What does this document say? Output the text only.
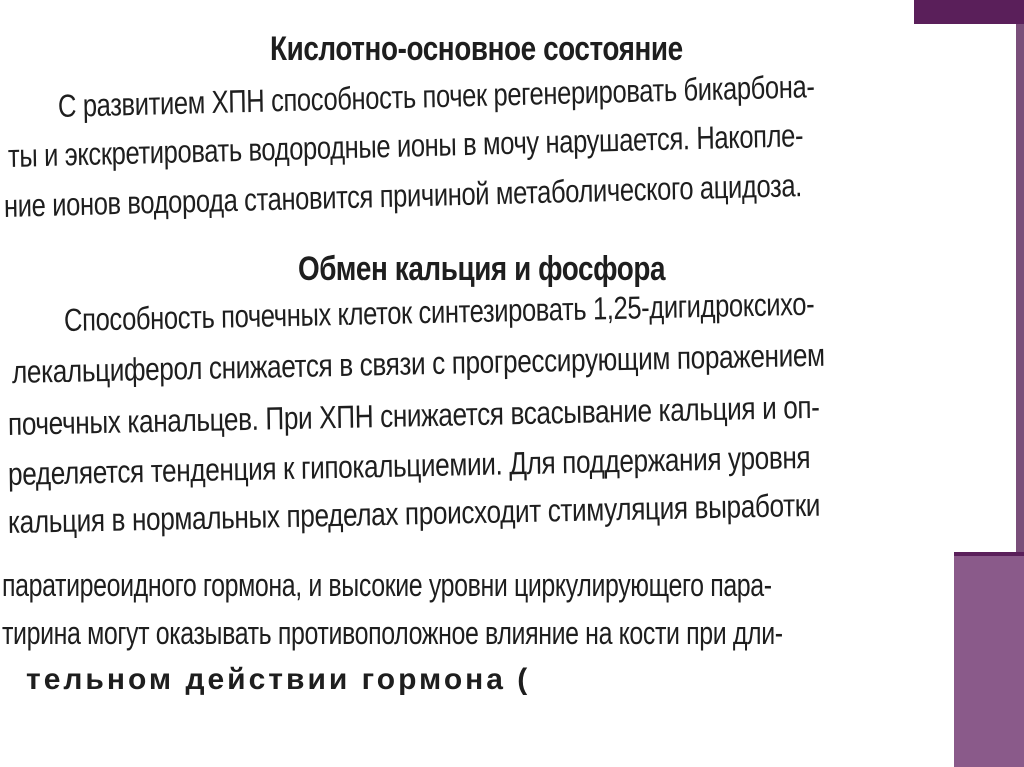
Кислотно-основное состояние
С развитием ХПН способность почек регенерировать бикарбона-
ты и экскретировать водородные ионы в мочу нарушается. Накопле-
ние ионов водорода становится причиной метаболического ацидоза.
Обмен кальция и фосфора
Способность почечных клеток синтезировать 1,25-дигидроксихо-
лекальциферол снижается в связи с прогрессирующим поражением
почечных канальцев. При ХПН снижается всасывание кальция и оп-
ределяется тенденция к гипокальциемии. Для поддержания уровня
кальция в нормальных пределах происходит стимуляция выработки
паратиреоидного гормона, и высокие уровни циркулирующего пара-
тирина могут оказывать противоположное влияние на кости при дли-
тельном действии гормона (
